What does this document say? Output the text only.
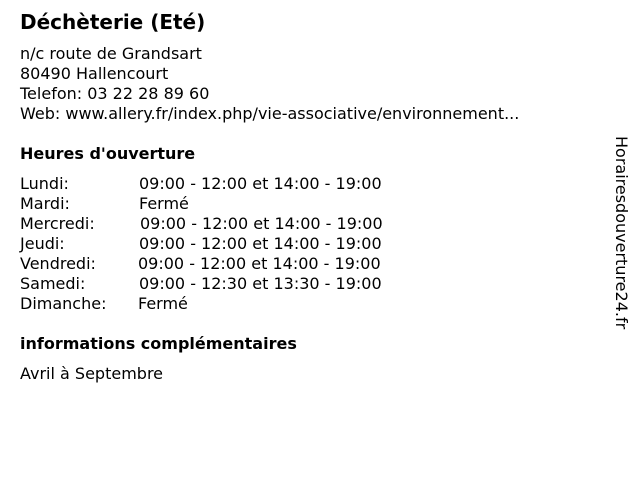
Déchèterie (Eté)
n/c route de Grandsart
80490 Hallencourt
Telefon: 03 22 28 89 60
Web: www.allery.fr/index.php/vie-associative/environnement...
Heures d'ouverture
Lundi:	09:00 - 12:00 et 14:00 - 19:00
Mardi:	Fermé
Mercredi:	09:00 - 12:00 et 14:00 - 19:00
Jeudi:	09:00 - 12:00 et 14:00 - 19:00
Vendredi:	09:00 - 12:00 et 14:00 - 19:00
Samedi:	09:00 - 12:30 et 13:30 - 19:00
Dimanche: Fermé
informations complémentaires
Avril à Septembre
Horairesdouverture24.fr
